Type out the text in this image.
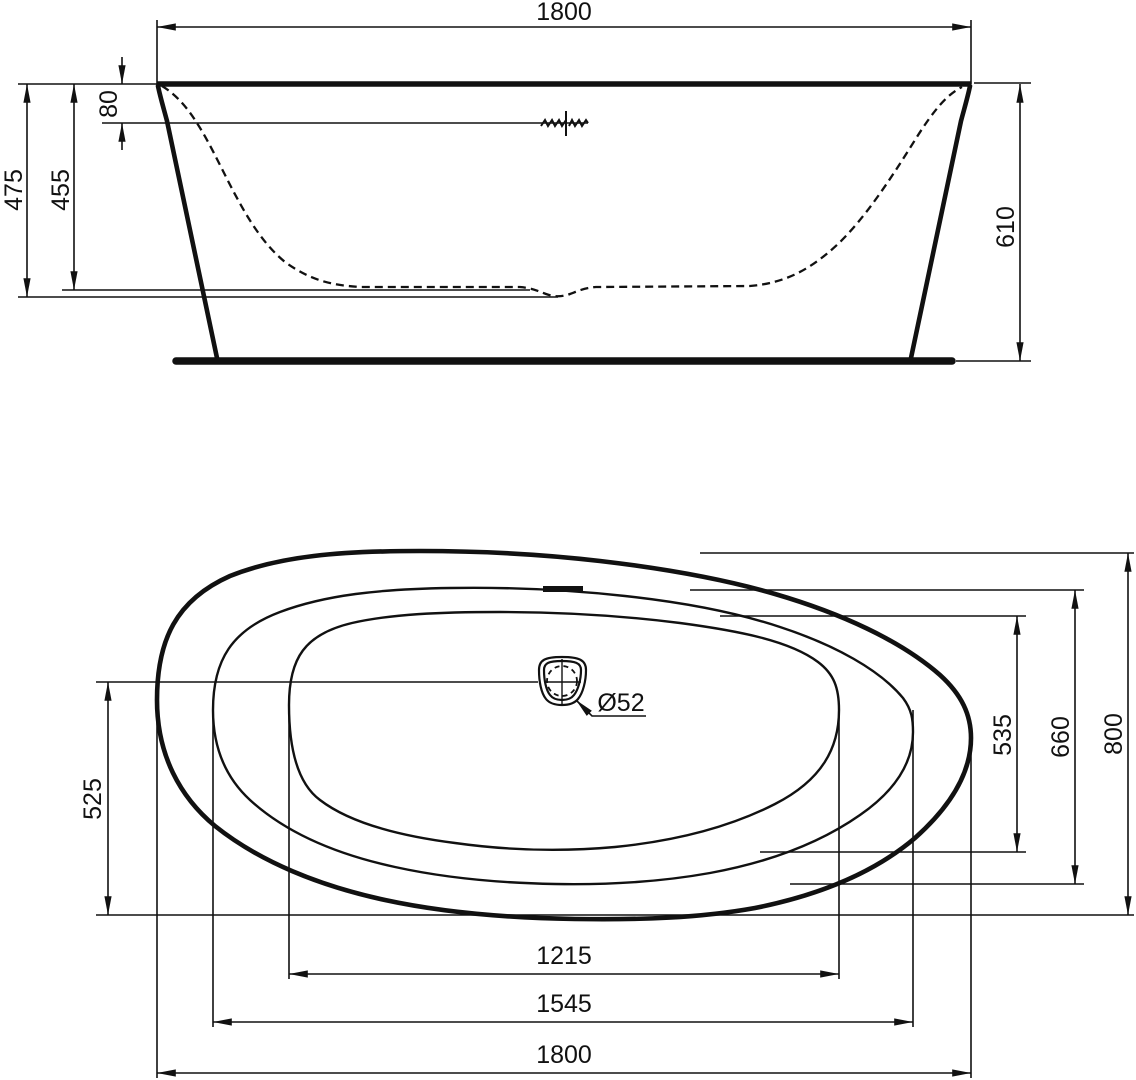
1800
80
475 455
610
Ø52
525
1215
1545
1800
535 660 800
